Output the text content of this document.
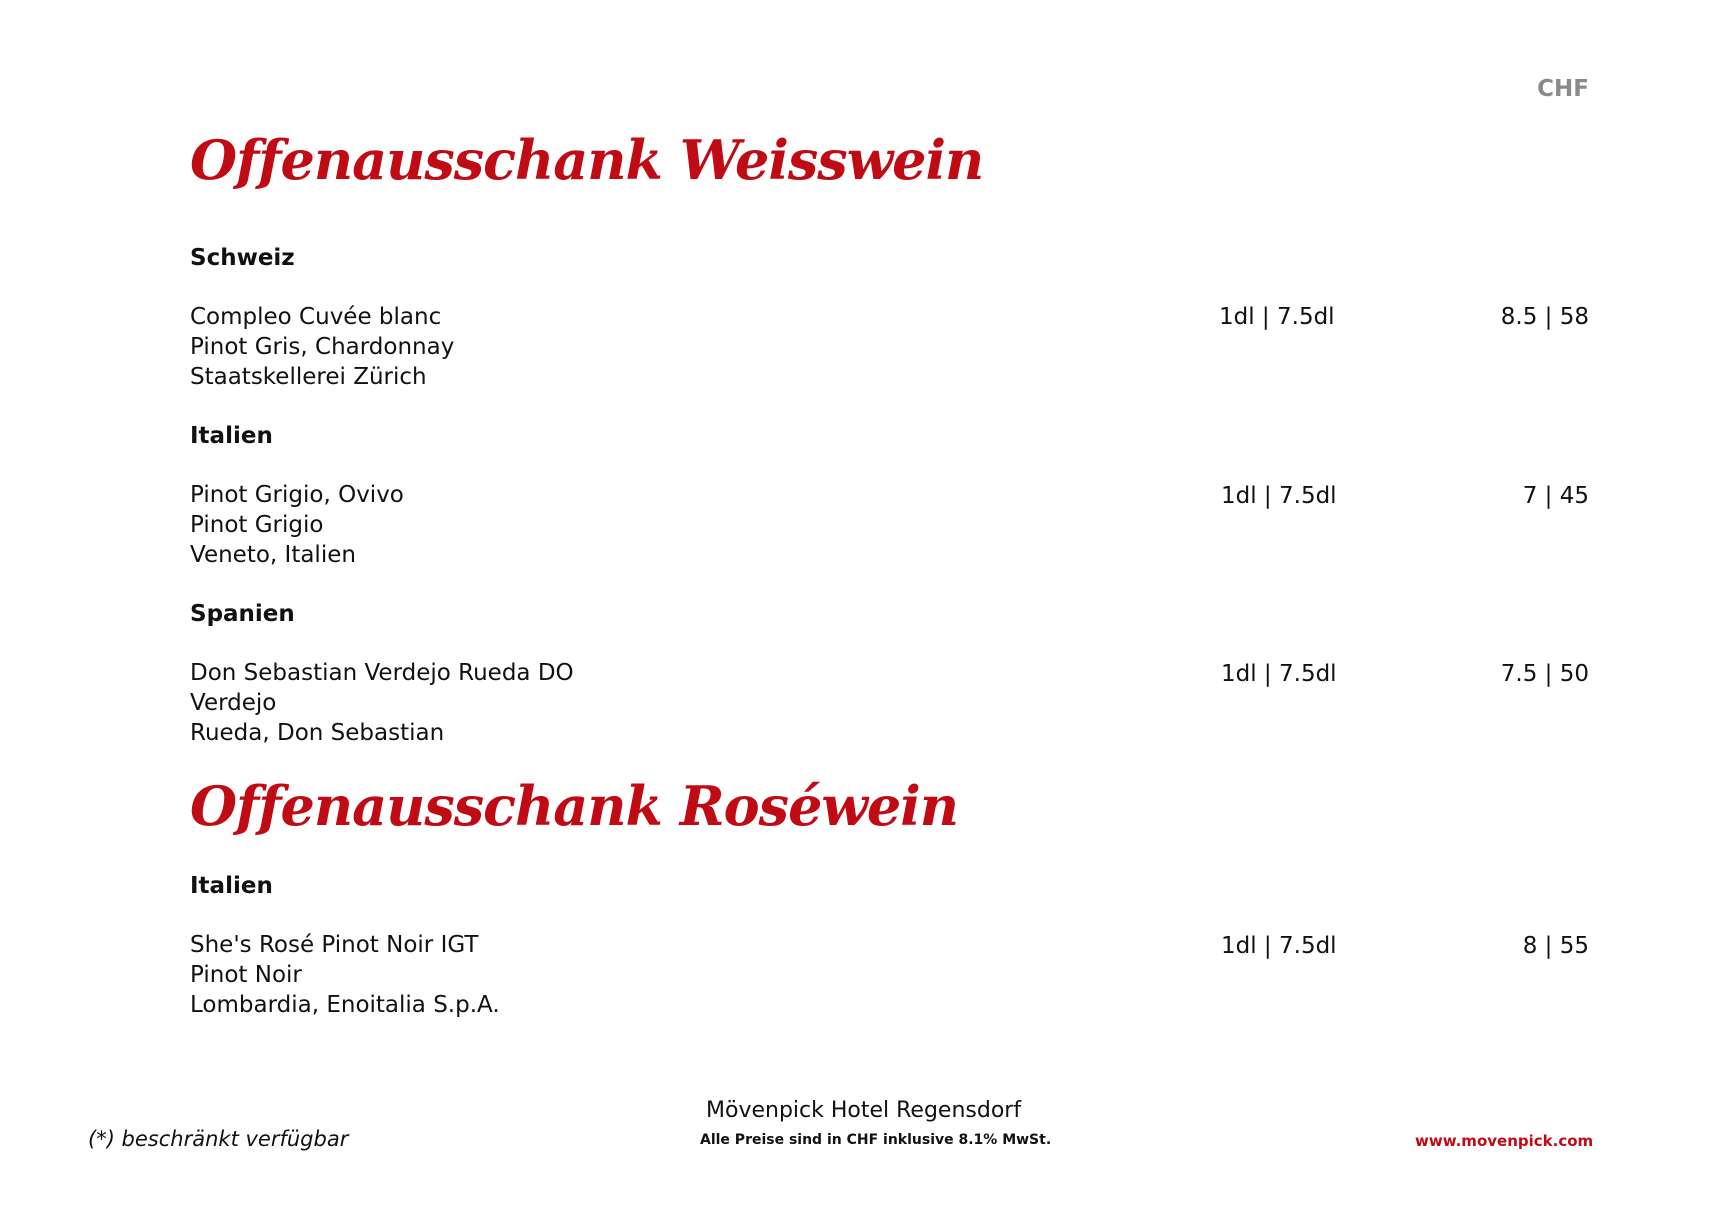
CHF
Offenausschank Weisswein
Schweiz
Compleo Cuvée blanc
Pinot Gris, Chardonnay
Staatskellerei Zürich
1dl | 7.5dl	8.5 | 58
Italien
Pinot Grigio, Ovivo
Pinot Grigio
Veneto, Italien
1dl | 7.5dl	7 | 45
Spanien
Don Sebastian Verdejo Rueda DO
Verdejo
Rueda, Don Sebastian
1dl | 7.5dl	7.5 | 50
Offenausschank Roséwein
Italien
She's Rosé Pinot Noir IGT
Pinot Noir
Lombardia, Enoitalia S.p.A.
1dl | 7.5dl	8 | 55
(*) beschränkt verfügbar
Mövenpick Hotel Regensdorf
Alle Preise sind in CHF inklusive 8.1% MwSt.	www.movenpick.com
